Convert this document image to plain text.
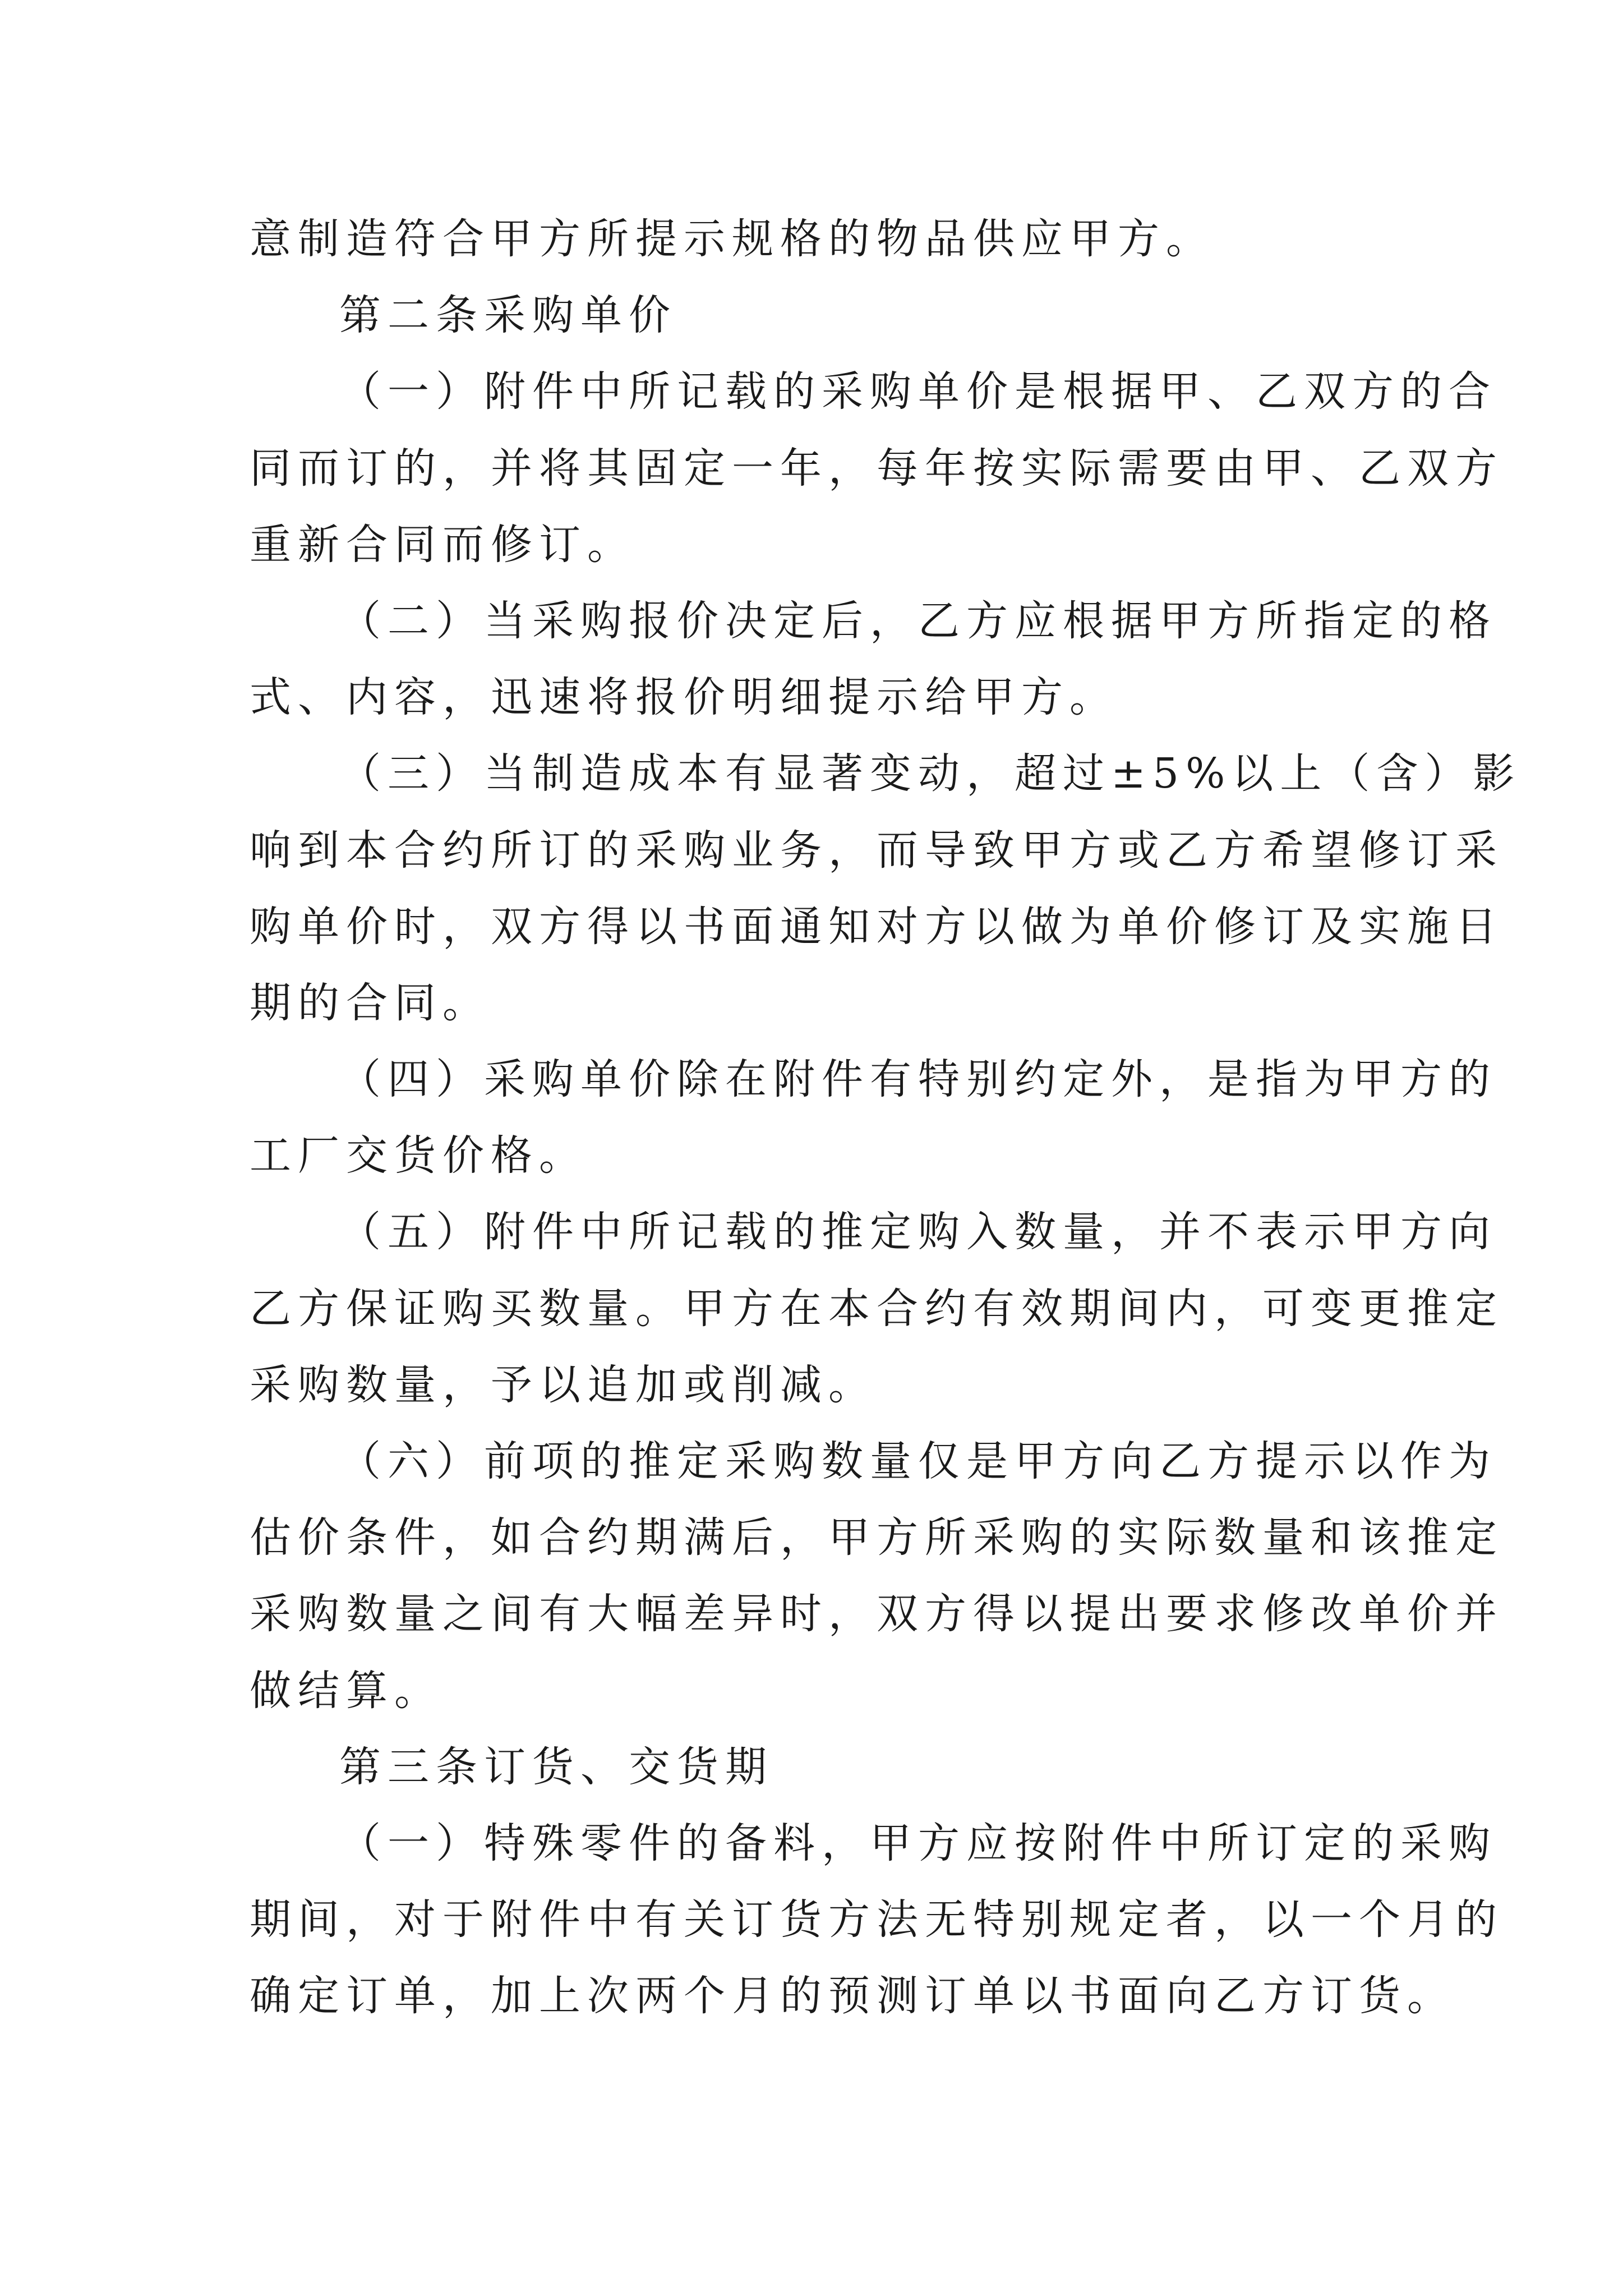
意制造符合甲方所提示规格的物品供应甲方。
第二条采购单价
（一）附件中所记载的采购单价是根据甲、乙双方的合
同而订的，并将其固定一年，每年按实际需要由甲、乙双方
重新合同而修订。
（二）当采购报价决定后，乙方应根据甲方所指定的格
式、内容，迅速将报价明细提示给甲方。
（三）当制造成本有显著变动，超过±5%以上（含）影
响到本合约所订的采购业务，而导致甲方或乙方希望修订采
购单价时，双方得以书面通知对方以做为单价修订及实施日
期的合同。
（四）采购单价除在附件有特别约定外，是指为甲方的
工厂交货价格。
（五）附件中所记载的推定购入数量，并不表示甲方向
乙方保证购买数量。甲方在本合约有效期间内，可变更推定
采购数量，予以追加或削减。
（六）前项的推定采购数量仅是甲方向乙方提示以作为
估价条件，如合约期满后，甲方所采购的实际数量和该推定
采购数量之间有大幅差异时，双方得以提出要求修改单价并
做结算。
第三条订货、交货期
（一）特殊零件的备料，甲方应按附件中所订定的采购
期间，对于附件中有关订货方法无特别规定者，以一个月的
确定订单，加上次两个月的预测订单以书面向乙方订货。
